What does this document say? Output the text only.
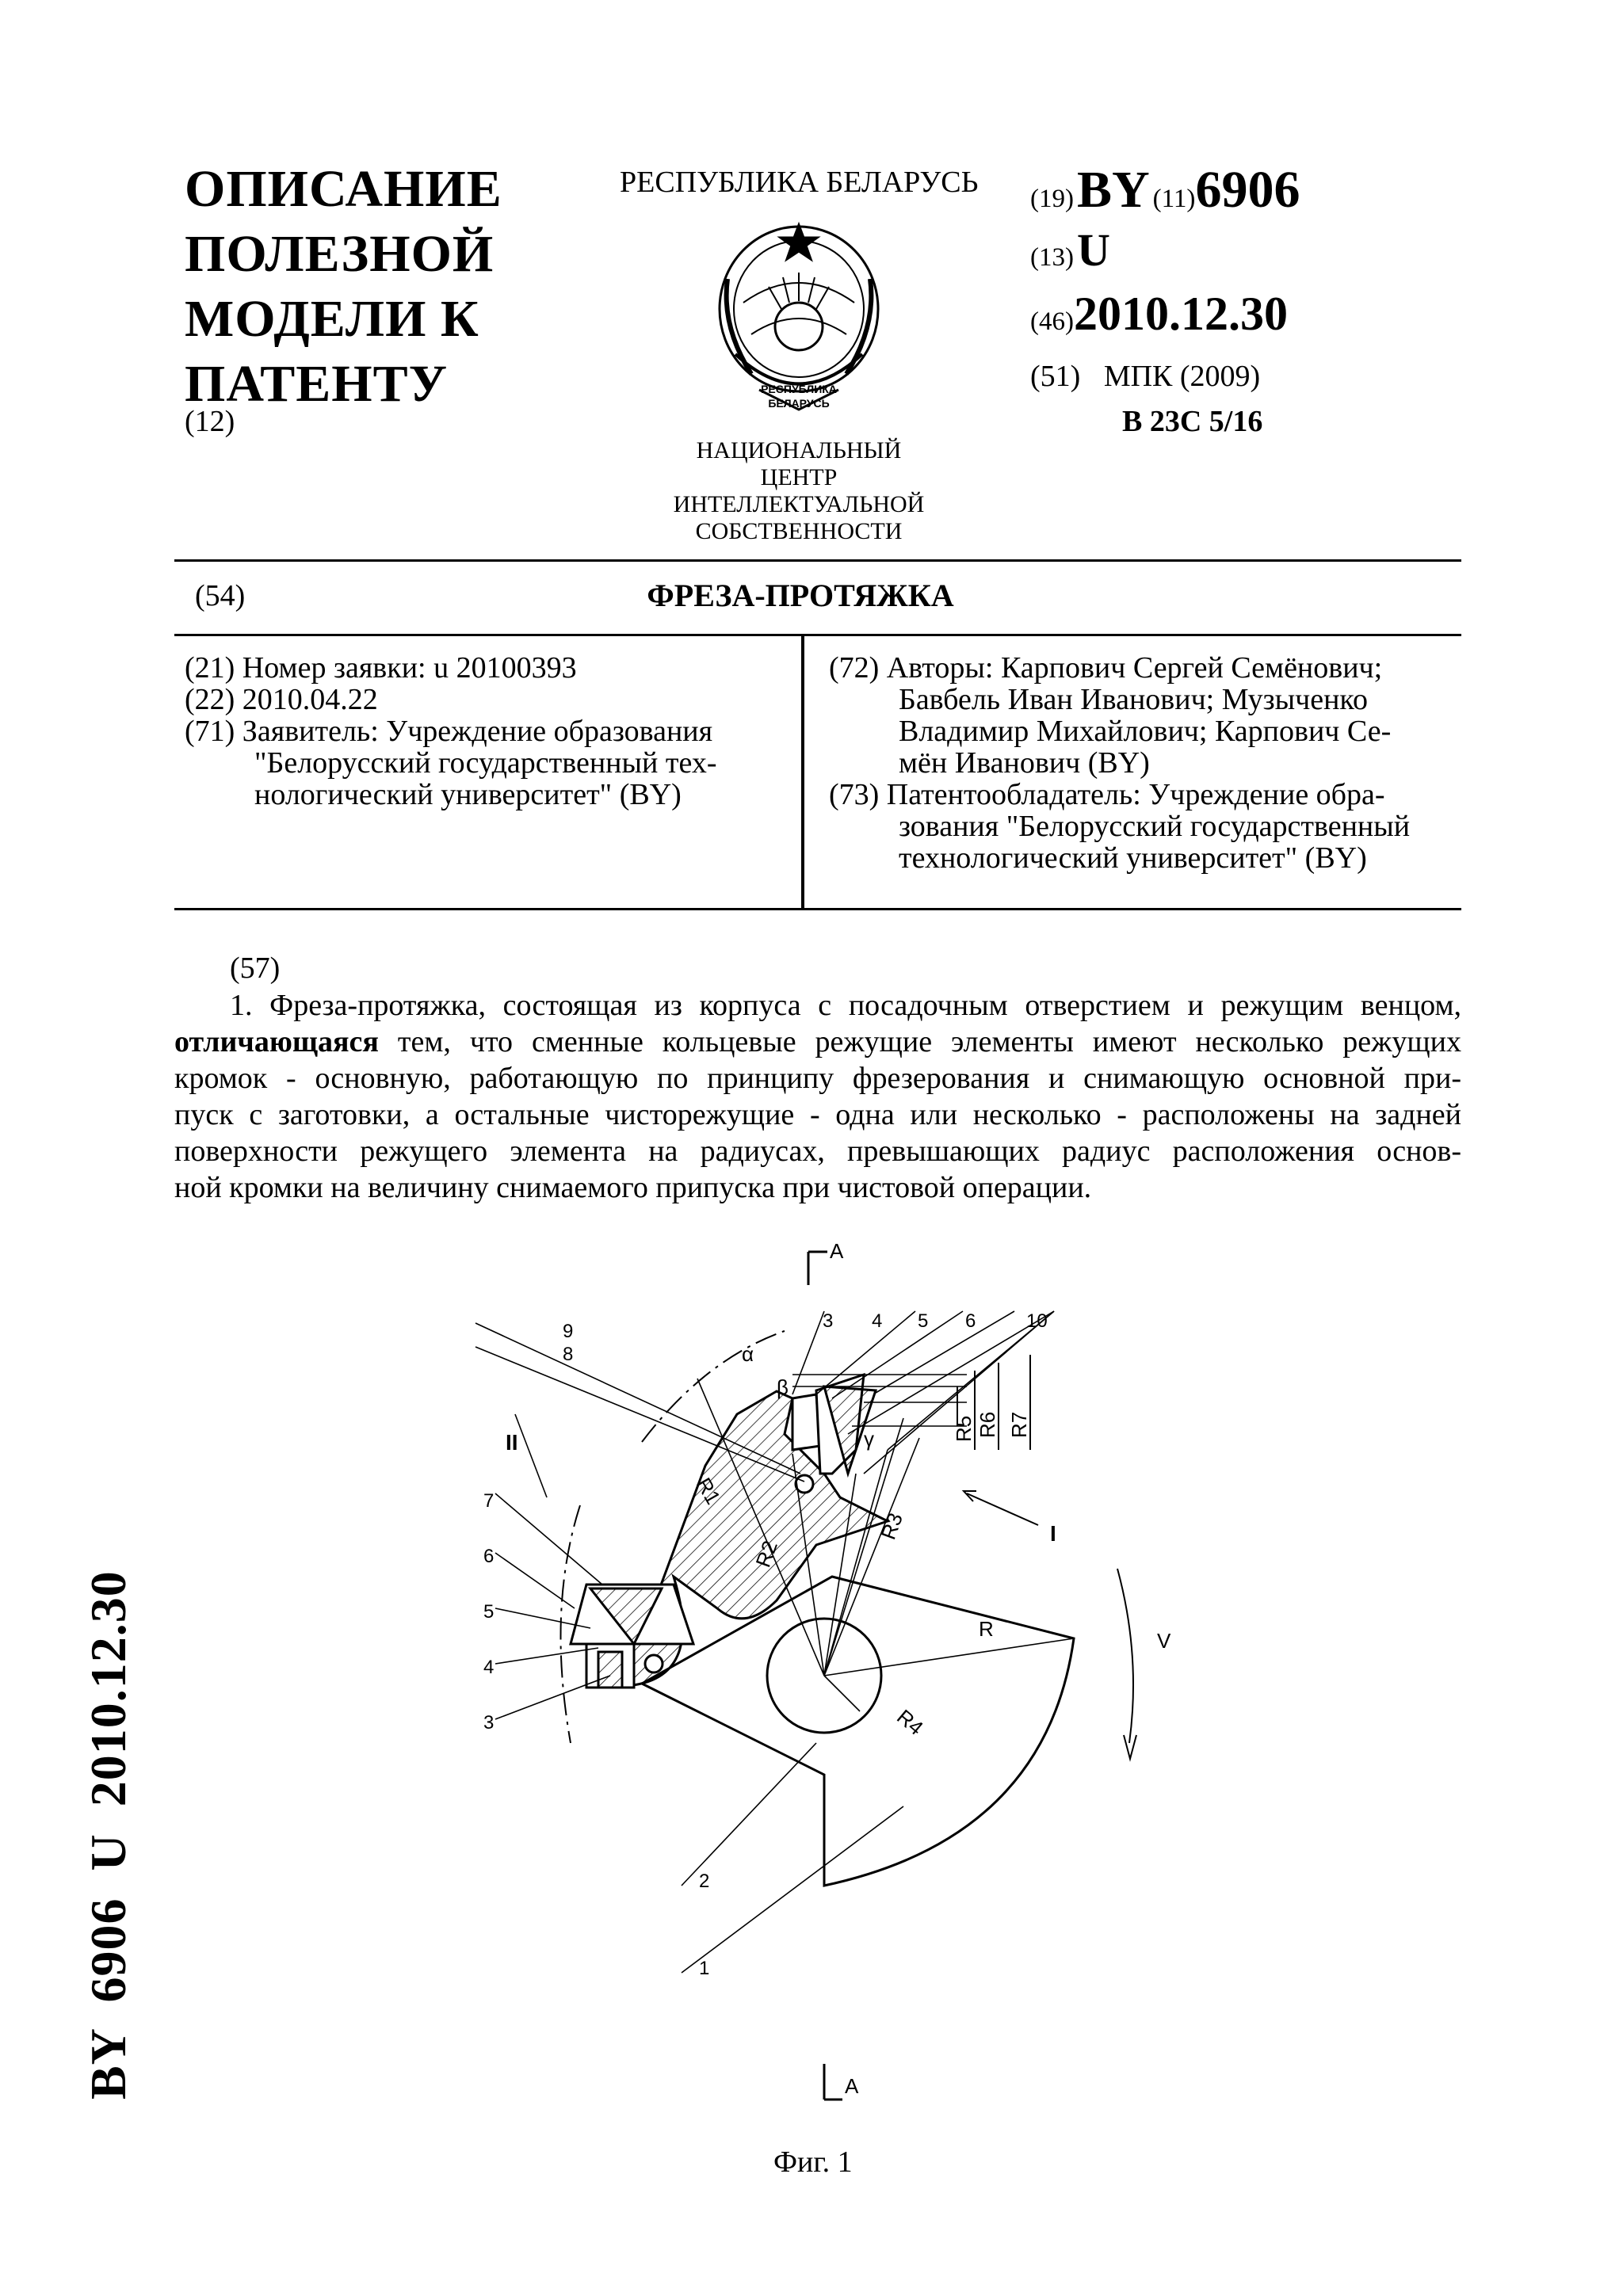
ОПИСАНИЕ
ПОЛЕЗНОЙ
МОДЕЛИ К
ПАТЕНТУ
(12)
РЕСПУБЛИКА БЕЛАРУСЬ
РЕСПУБЛИКА
БЕЛАРУСЬ
НАЦИОНАЛЬНЫЙ ЦЕНТР
ИНТЕЛЛЕКТУАЛЬНОЙ
СОБСТВЕННОСТИ
(19) BY (11)6906
(13) U
(46)2010.12.30
(51) МПК (2009)
B 23C 5/16
(54)	ФРЕЗА-ПРОТЯЖКА
(21) Номер заявки: u 20100393
(22) 2010.04.22
(71) Заявитель: Учреждение образования
"Белорусский государственный тех-
нологический университет" (BY)
(72) Авторы: Карпович Сергей Семёнович;
Бавбель Иван Иванович; Музыченко
Владимир Михайлович; Карпович Се-
мён Иванович (BY)
(73) Патентообладатель: Учреждение обра-
зования "Белорусский государственный
технологический университет" (BY)
(57)
1. Фреза-протяжка, состоящая из корпуса с посадочным отверстием и режущим венцом,
отличающаяся тем, что сменные кольцевые режущие элементы имеют несколько режущих
кромок - основную, работающую по принципу фрезерования и снимающую основной при-
пуск с заготовки, а остальные чисторежущие - одна или несколько - расположены на задней
поверхности режущего элемента на радиусах, превышающих радиус расположения основ-
ной кромки на величину снимаемого припуска при чистовой операции.
A
A
9
8
3 4 5 6	10
II
7
6
5
4
3
2
1
α
β
γ
R1
R2
R3
R4
R
R5 R6 R7
I
V
Фиг. 1
BY  6906  U  2010.12.30
